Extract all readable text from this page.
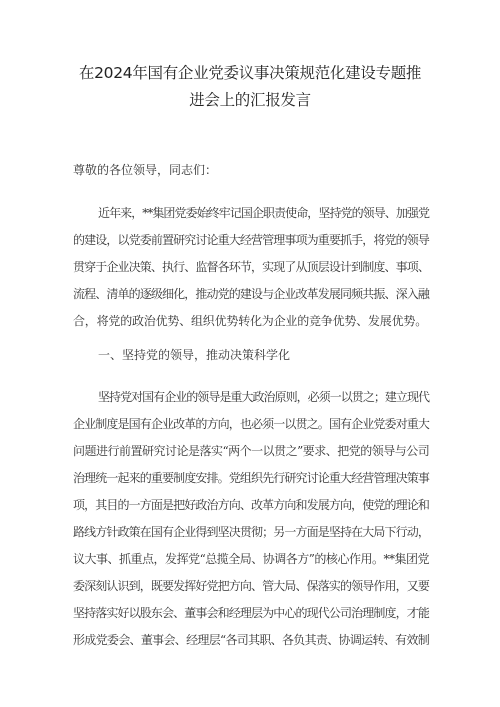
在2024年国有企业党委议事决策规范化建设专题推
进会上的汇报发言
尊敬的各位领导，同志们：
近年来，**集团党委始终牢记国企职责使命，坚持党的领导、加强党
的建设，以党委前置研究讨论重大经营管理事项为重要抓手，将党的领导
贯穿于企业决策、执行、监督各环节，实现了从顶层设计到制度、事项、
流程、清单的逐级细化，推动党的建设与企业改革发展同频共振、深入融
合，将党的政治优势、组织优势转化为企业的竞争优势、发展优势。
一、坚持党的领导，推动决策科学化
坚持党对国有企业的领导是重大政治原则，必须一以贯之；建立现代
企业制度是国有企业改革的方向，也必须一以贯之。国有企业党委对重大
问题进行前置研究讨论是落实“两个一以贯之”要求、把党的领导与公司
治理统一起来的重要制度安排。党组织先行研究讨论重大经营管理决策事
项，其目的一方面是把好政治方向、改革方向和发展方向，使党的理论和
路线方针政策在国有企业得到坚决贯彻；另一方面是坚持在大局下行动，
议大事、抓重点，发挥党“总揽全局、协调各方”的核心作用。**集团党
委深刻认识到，既要发挥好党把方向、管大局、保落实的领导作用，又要
坚持落实好以股东会、董事会和经理层为中心的现代公司治理制度，才能
形成党委会、董事会、经理层“各司其职、各负其责、协调运转、有效制
